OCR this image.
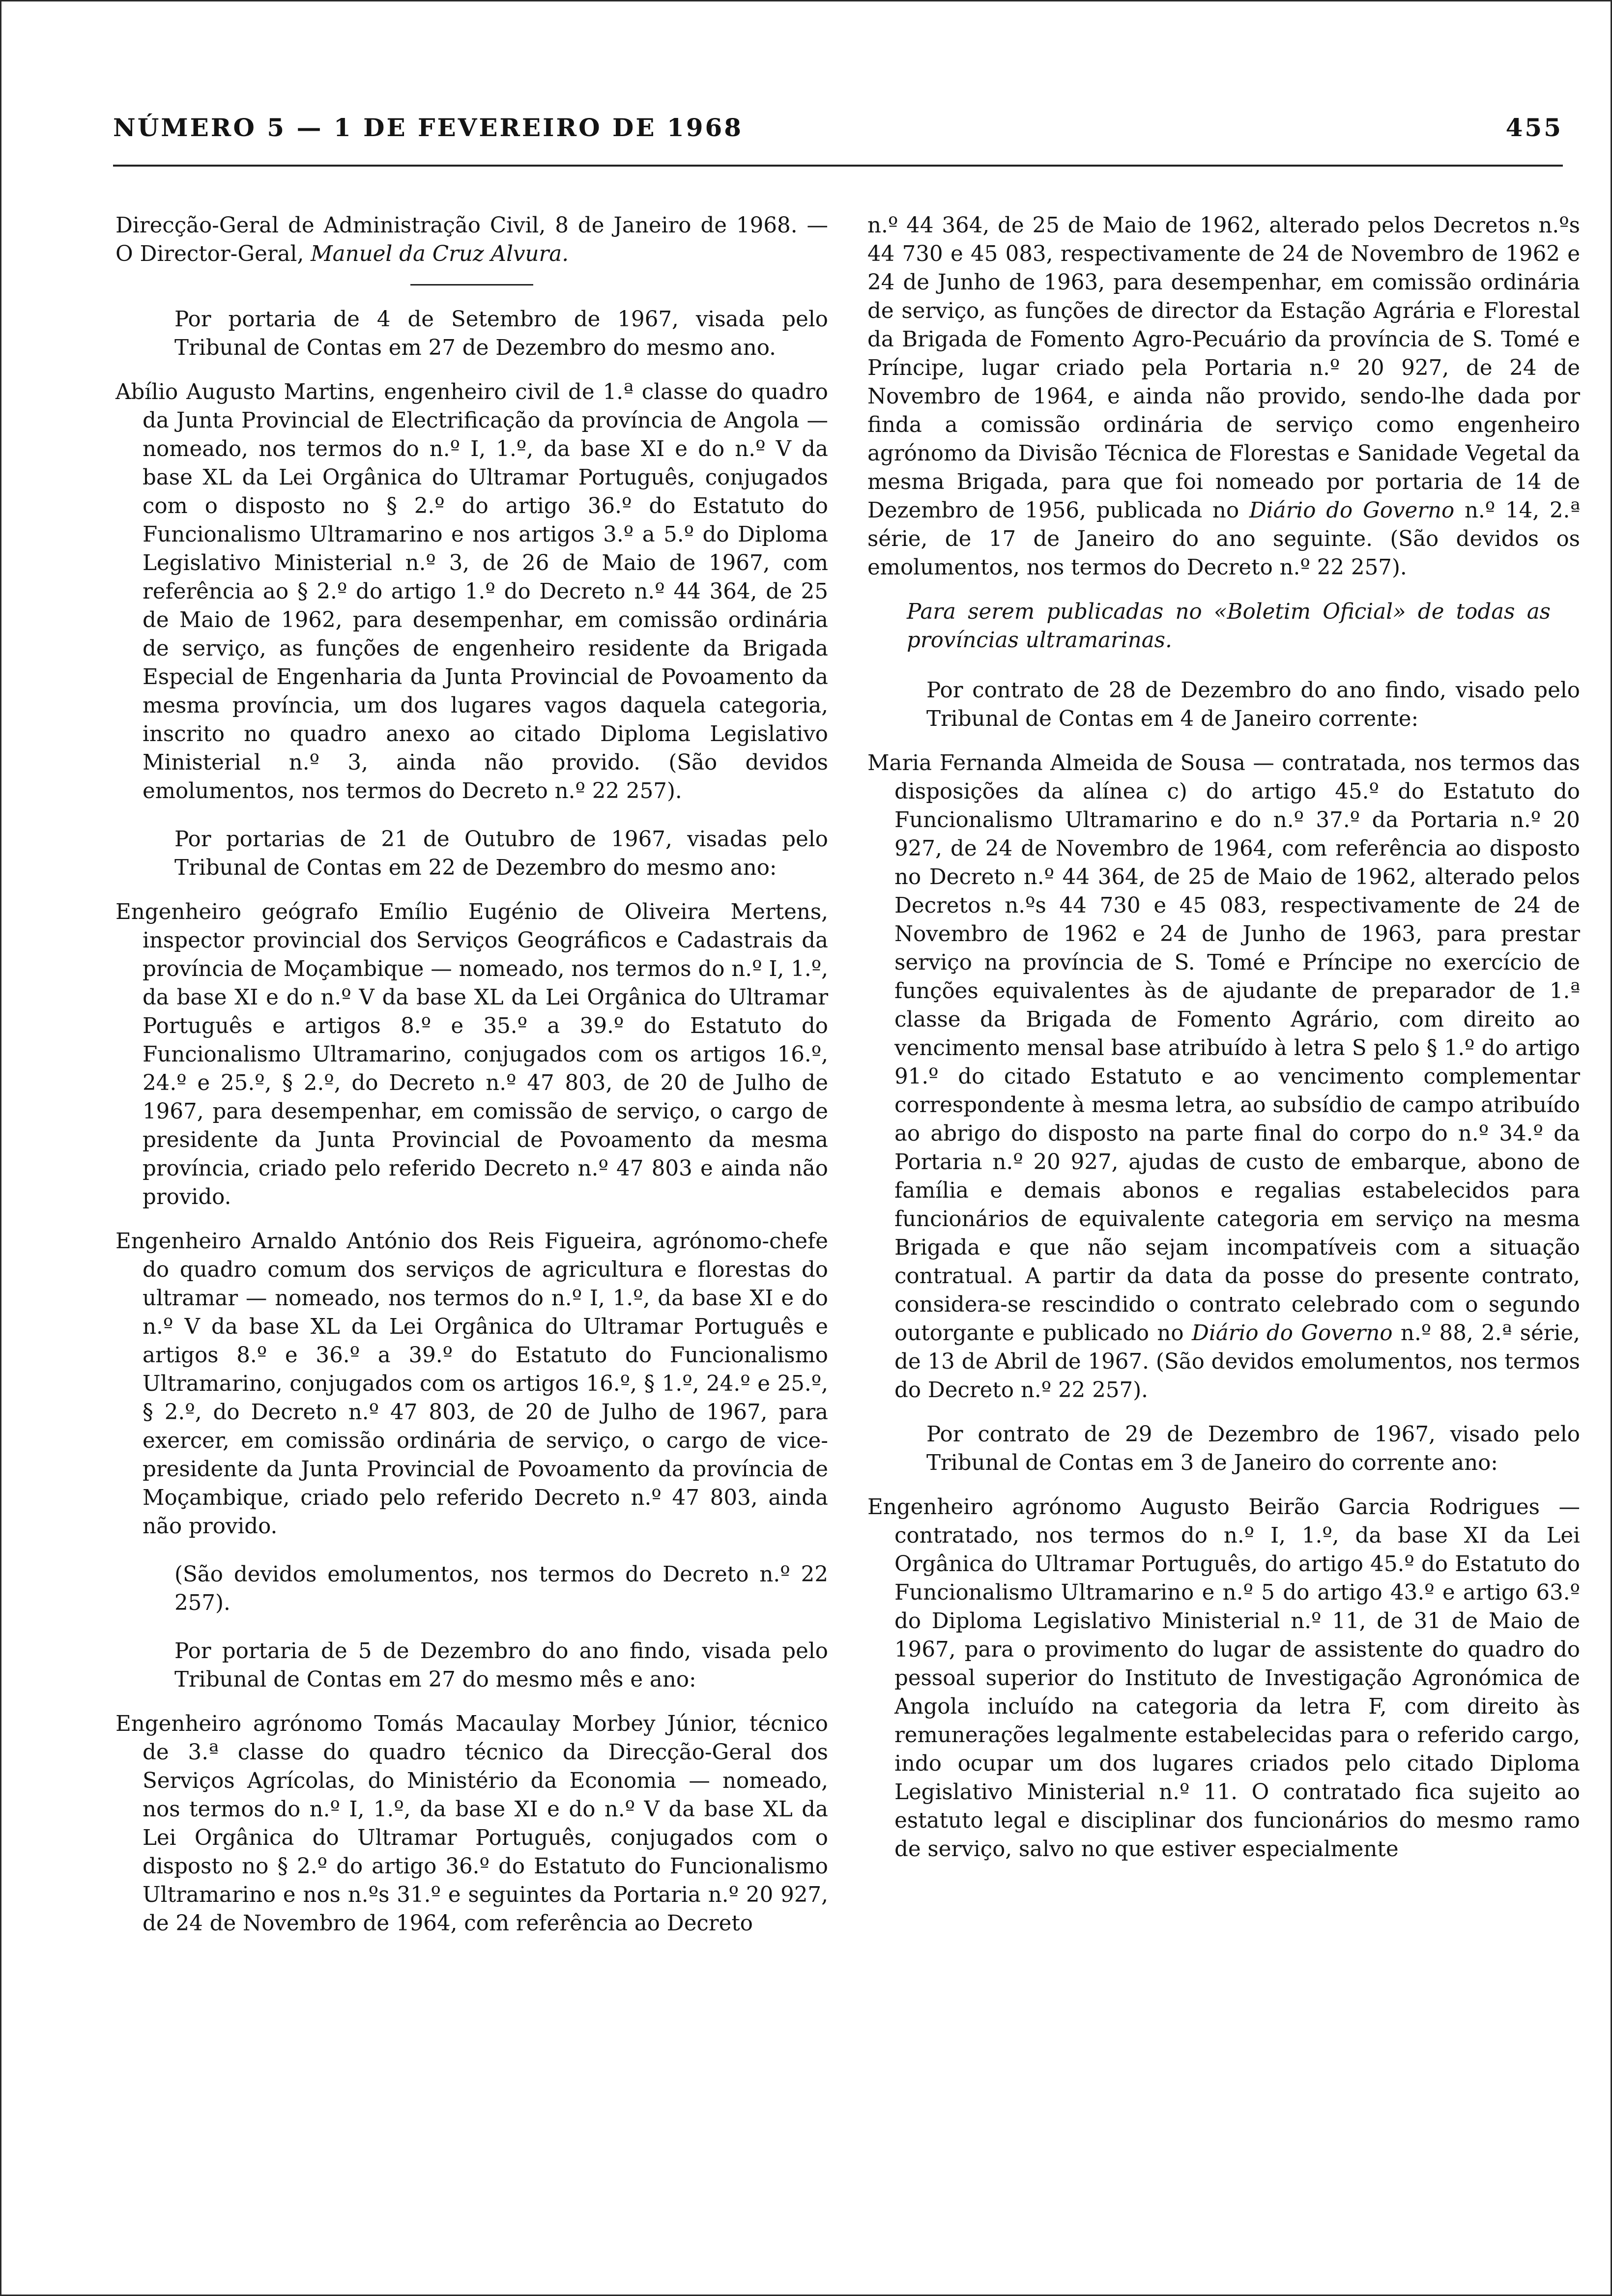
NÚMERO 5 — 1 DE FEVEREIRO DE 1968	455

Direcção-Geral de Administração Civil, 8 de Janeiro de 1968. — O Director-Geral, Manuel da Cruz Alvura.

Por portaria de 4 de Setembro de 1967, visada pelo Tribunal de Contas em 27 de Dezembro do mesmo ano.

Abílio Augusto Martins, engenheiro civil de 1.ª classe do quadro da Junta Provincial de Electrificação da província de Angola — nomeado, nos termos do n.º I, 1.º, da base XI e do n.º V da base XL da Lei Orgânica do Ultramar Português, conjugados com o disposto no § 2.º do artigo 36.º do Estatuto do Funcionalismo Ultramarino e nos artigos 3.º a 5.º do Diploma Legislativo Ministerial n.º 3, de 26 de Maio de 1967, com referência ao § 2.º do artigo 1.º do Decreto n.º 44 364, de 25 de Maio de 1962, para desempenhar, em comissão ordinária de serviço, as funções de engenheiro residente da Brigada Especial de Engenharia da Junta Provincial de Povoamento da mesma província, um dos lugares vagos daquela categoria, inscrito no quadro anexo ao citado Diploma Legislativo Ministerial n.º 3, ainda não provido. (São devidos emolumentos, nos termos do Decreto n.º 22 257).

Por portarias de 21 de Outubro de 1967, visadas pelo Tribunal de Contas em 22 de Dezembro do mesmo ano:

Engenheiro geógrafo Emílio Eugénio de Oliveira Mertens, inspector provincial dos Serviços Geográficos e Cadastrais da província de Moçambique — nomeado, nos termos do n.º I, 1.º, da base XI e do n.º V da base XL da Lei Orgânica do Ultramar Português e artigos 8.º e 35.º a 39.º do Estatuto do Funcionalismo Ultramarino, conjugados com os artigos 16.º, 24.º e 25.º, § 2.º, do Decreto n.º 47 803, de 20 de Julho de 1967, para desempenhar, em comissão de serviço, o cargo de presidente da Junta Provincial de Povoamento da mesma província, criado pelo referido Decreto n.º 47 803 e ainda não provido.

Engenheiro Arnaldo António dos Reis Figueira, agrónomo-chefe do quadro comum dos serviços de agricultura e florestas do ultramar — nomeado, nos termos do n.º I, 1.º, da base XI e do n.º V da base XL da Lei Orgânica do Ultramar Português e artigos 8.º e 36.º a 39.º do Estatuto do Funcionalismo Ultramarino, conjugados com os artigos 16.º, § 1.º, 24.º e 25.º, § 2.º, do Decreto n.º 47 803, de 20 de Julho de 1967, para exercer, em comissão ordinária de serviço, o cargo de vice-presidente da Junta Provincial de Povoamento da província de Moçambique, criado pelo referido Decreto n.º 47 803, ainda não provido.

(São devidos emolumentos, nos termos do Decreto n.º 22 257).

Por portaria de 5 de Dezembro do ano findo, visada pelo Tribunal de Contas em 27 do mesmo mês e ano:

Engenheiro agrónomo Tomás Macaulay Morbey Júnior, técnico de 3.ª classe do quadro técnico da Direcção-Geral dos Serviços Agrícolas, do Ministério da Economia — nomeado, nos termos do n.º I, 1.º, da base XI e do n.º V da base XL da Lei Orgânica do Ultramar Português, conjugados com o disposto no § 2.º do artigo 36.º do Estatuto do Funcionalismo Ultramarino e nos n.ºs 31.º e seguintes da Portaria n.º 20 927, de 24 de Novembro de 1964, com referência ao Decreto

n.º 44 364, de 25 de Maio de 1962, alterado pelos Decretos n.ºs 44 730 e 45 083, respectivamente de 24 de Novembro de 1962 e 24 de Junho de 1963, para desempenhar, em comissão ordinária de serviço, as funções de director da Estação Agrária e Florestal da Brigada de Fomento Agro-Pecuário da província de S. Tomé e Príncipe, lugar criado pela Portaria n.º 20 927, de 24 de Novembro de 1964, e ainda não provido, sendo-lhe dada por finda a comissão ordinária de serviço como engenheiro agrónomo da Divisão Técnica de Florestas e Sanidade Vegetal da mesma Brigada, para que foi nomeado por portaria de 14 de Dezembro de 1956, publicada no Diário do Governo n.º 14, 2.ª série, de 17 de Janeiro do ano seguinte. (São devidos os emolumentos, nos termos do Decreto n.º 22 257).

Para serem publicadas no «Boletim Oficial» de todas as províncias ultramarinas.

Por contrato de 28 de Dezembro do ano findo, visado pelo Tribunal de Contas em 4 de Janeiro corrente:

Maria Fernanda Almeida de Sousa — contratada, nos termos das disposições da alínea c) do artigo 45.º do Estatuto do Funcionalismo Ultramarino e do n.º 37.º da Portaria n.º 20 927, de 24 de Novembro de 1964, com referência ao disposto no Decreto n.º 44 364, de 25 de Maio de 1962, alterado pelos Decretos n.ºs 44 730 e 45 083, respectivamente de 24 de Novembro de 1962 e 24 de Junho de 1963, para prestar serviço na província de S. Tomé e Príncipe no exercício de funções equivalentes às de ajudante de preparador de 1.ª classe da Brigada de Fomento Agrário, com direito ao vencimento mensal base atribuído à letra S pelo § 1.º do artigo 91.º do citado Estatuto e ao vencimento complementar correspondente à mesma letra, ao subsídio de campo atribuído ao abrigo do disposto na parte final do corpo do n.º 34.º da Portaria n.º 20 927, ajudas de custo de embarque, abono de família e demais abonos e regalias estabelecidos para funcionários de equivalente categoria em serviço na mesma Brigada e que não sejam incompatíveis com a situação contratual. A partir da data da posse do presente contrato, considera-se rescindido o contrato celebrado com o segundo outorgante e publicado no Diário do Governo n.º 88, 2.ª série, de 13 de Abril de 1967. (São devidos emolumentos, nos termos do Decreto n.º 22 257).

Por contrato de 29 de Dezembro de 1967, visado pelo Tribunal de Contas em 3 de Janeiro do corrente ano:

Engenheiro agrónomo Augusto Beirão Garcia Rodrigues — contratado, nos termos do n.º I, 1.º, da base XI da Lei Orgânica do Ultramar Português, do artigo 45.º do Estatuto do Funcionalismo Ultramarino e n.º 5 do artigo 43.º e artigo 63.º do Diploma Legislativo Ministerial n.º 11, de 31 de Maio de 1967, para o provimento do lugar de assistente do quadro do pessoal superior do Instituto de Investigação Agronómica de Angola incluído na categoria da letra F, com direito às remunerações legalmente estabelecidas para o referido cargo, indo ocupar um dos lugares criados pelo citado Diploma Legislativo Ministerial n.º 11. O contratado fica sujeito ao estatuto legal e disciplinar dos funcionários do mesmo ramo de serviço, salvo no que estiver especialmente
